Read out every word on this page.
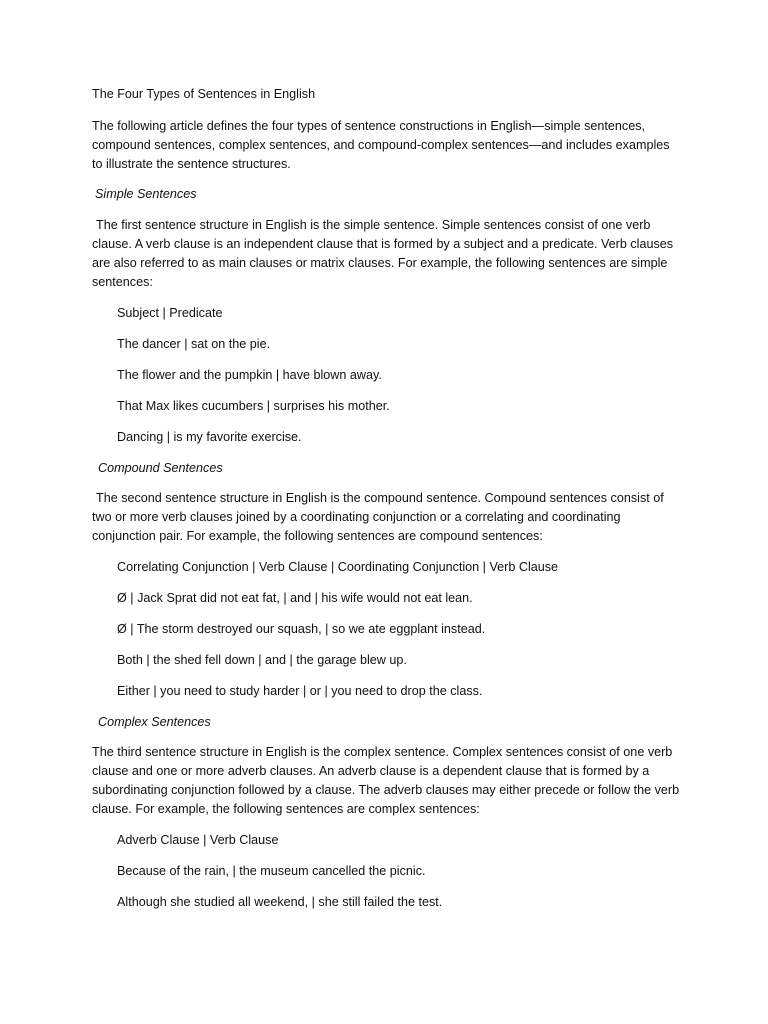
The Four Types of Sentences in English

The following article defines the four types of sentence constructions in English—simple sentences, compound sentences, complex sentences, and compound-complex sentences—and includes examples to illustrate the sentence structures.

Simple Sentences

The first sentence structure in English is the simple sentence. Simple sentences consist of one verb clause. A verb clause is an independent clause that is formed by a subject and a predicate. Verb clauses are also referred to as main clauses or matrix clauses. For example, the following sentences are simple sentences:

Subject | Predicate

The dancer | sat on the pie.

The flower and the pumpkin | have blown away.

That Max likes cucumbers | surprises his mother.

Dancing | is my favorite exercise.

Compound Sentences

The second sentence structure in English is the compound sentence. Compound sentences consist of two or more verb clauses joined by a coordinating conjunction or a correlating and coordinating conjunction pair. For example, the following sentences are compound sentences:

Correlating Conjunction | Verb Clause | Coordinating Conjunction | Verb Clause

Ø | Jack Sprat did not eat fat, | and | his wife would not eat lean.

Ø | The storm destroyed our squash, | so we ate eggplant instead.

Both | the shed fell down | and | the garage blew up.

Either | you need to study harder | or | you need to drop the class.

Complex Sentences

The third sentence structure in English is the complex sentence. Complex sentences consist of one verb clause and one or more adverb clauses. An adverb clause is a dependent clause that is formed by a subordinating conjunction followed by a clause. The adverb clauses may either precede or follow the verb clause. For example, the following sentences are complex sentences:

Adverb Clause | Verb Clause

Because of the rain, | the museum cancelled the picnic.

Although she studied all weekend, | she still failed the test.
